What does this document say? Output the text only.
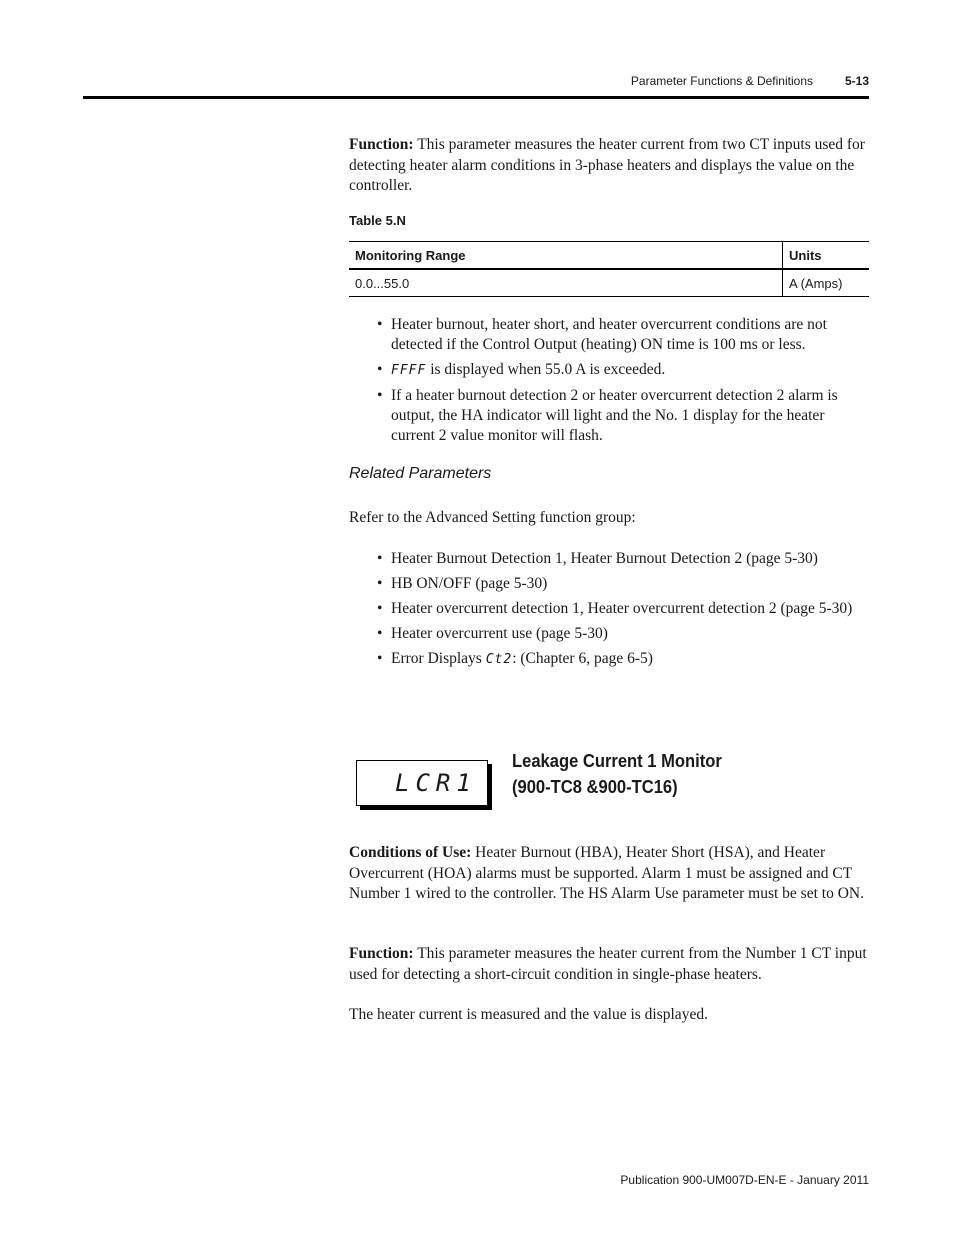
Parameter Functions & Definitions	5-13

Function: This parameter measures the heater current from two CT inputs used for detecting heater alarm conditions in 3-phase heaters and displays the value on the controller.

Table 5.N
Monitoring Range	Units
0.0...55.0	A (Amps)
• Heater burnout, heater short, and heater overcurrent conditions are not detected if the Control Output (heating) ON time is 100 ms or less.
• FFFF is displayed when 55.0 A is exceeded.
• If a heater burnout detection 2 or heater overcurrent detection 2 alarm is output, the HA indicator will light and the No. 1 display for the heater current 2 value monitor will flash.
Related Parameters

Refer to the Advanced Setting function group:

• Heater Burnout Detection 1, Heater Burnout Detection 2 (page 5-30)
• HB ON/OFF (page 5-30)
• Heater overcurrent detection 1, Heater overcurrent detection 2 (page 5-30)
• Heater overcurrent use (page 5-30)
• Error Displays Ct2: (Chapter 6, page 6-5)
LCR1
Leakage Current 1 Monitor
(900-TC8 &900-TC16)

Conditions of Use: Heater Burnout (HBA), Heater Short (HSA), and Heater Overcurrent (HOA) alarms must be supported. Alarm 1 must be assigned and CT Number 1 wired to the controller. The HS Alarm Use parameter must be set to ON.

Function: This parameter measures the heater current from the Number 1 CT input used for detecting a short-circuit condition in single-phase heaters.

The heater current is measured and the value is displayed.

Publication 900-UM007D-EN-E - January 2011
